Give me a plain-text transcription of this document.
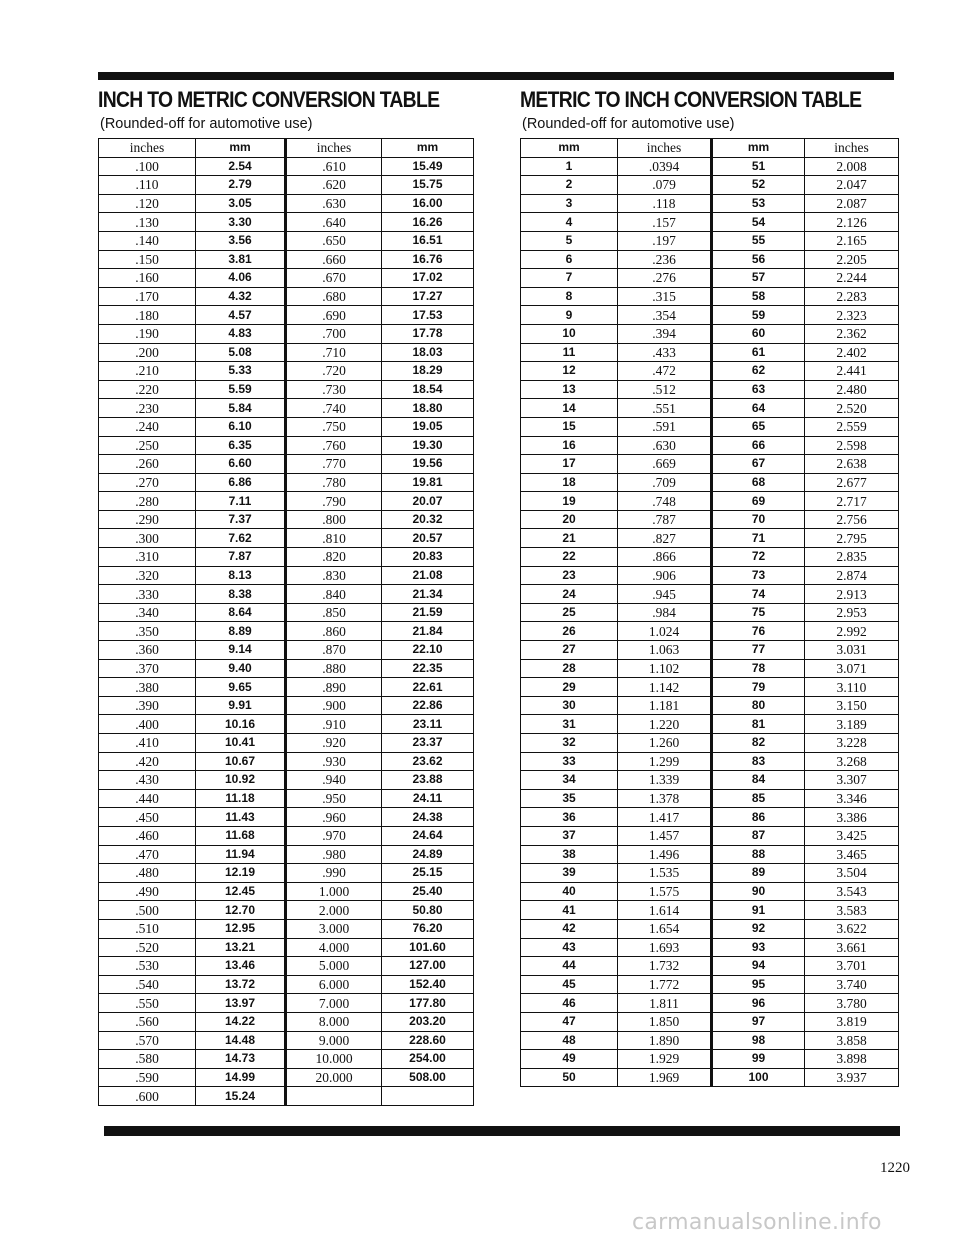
INCH TO METRIC CONVERSION TABLE

(Rounded-off for automotive use)

inches	mm	inches	mm
.100	2.54	.610	15.49
.110	2.79	.620	15.75
.120	3.05	.630	16.00
.130	3.30	.640	16.26
.140	3.56	.650	16.51
.150	3.81	.660	16.76
.160	4.06	.670	17.02
.170	4.32	.680	17.27
.180	4.57	.690	17.53
.190	4.83	.700	17.78
.200	5.08	.710	18.03
.210	5.33	.720	18.29
.220	5.59	.730	18.54
.230	5.84	.740	18.80
.240	6.10	.750	19.05
.250	6.35	.760	19.30
.260	6.60	.770	19.56
.270	6.86	.780	19.81
.280	7.11	.790	20.07
.290	7.37	.800	20.32
.300	7.62	.810	20.57
.310	7.87	.820	20.83
.320	8.13	.830	21.08
.330	8.38	.840	21.34
.340	8.64	.850	21.59
.350	8.89	.860	21.84
.360	9.14	.870	22.10
.370	9.40	.880	22.35
.380	9.65	.890	22.61
.390	9.91	.900	22.86
.400	10.16	.910	23.11
.410	10.41	.920	23.37
.420	10.67	.930	23.62
.430	10.92	.940	23.88
.440	11.18	.950	24.11
.450	11.43	.960	24.38
.460	11.68	.970	24.64
.470	11.94	.980	24.89
.480	12.19	.990	25.15
.490	12.45	1.000	25.40
.500	12.70	2.000	50.80
.510	12.95	3.000	76.20
.520	13.21	4.000	101.60
.530	13.46	5.000	127.00
.540	13.72	6.000	152.40
.550	13.97	7.000	177.80
.560	14.22	8.000	203.20
.570	14.48	9.000	228.60
.580	14.73	10.000	254.00
.590	14.99	20.000	508.00
.600	15.24		
METRIC TO INCH CONVERSION TABLE

(Rounded-off for automotive use)

mm	inches	mm	inches
1	.0394	51	2.008
2	.079	52	2.047
3	.118	53	2.087
4	.157	54	2.126
5	.197	55	2.165
6	.236	56	2.205
7	.276	57	2.244
8	.315	58	2.283
9	.354	59	2.323
10	.394	60	2.362
11	.433	61	2.402
12	.472	62	2.441
13	.512	63	2.480
14	.551	64	2.520
15	.591	65	2.559
16	.630	66	2.598
17	.669	67	2.638
18	.709	68	2.677
19	.748	69	2.717
20	.787	70	2.756
21	.827	71	2.795
22	.866	72	2.835
23	.906	73	2.874
24	.945	74	2.913
25	.984	75	2.953
26	1.024	76	2.992
27	1.063	77	3.031
28	1.102	78	3.071
29	1.142	79	3.110
30	1.181	80	3.150
31	1.220	81	3.189
32	1.260	82	3.228
33	1.299	83	3.268
34	1.339	84	3.307
35	1.378	85	3.346
36	1.417	86	3.386
37	1.457	87	3.425
38	1.496	88	3.465
39	1.535	89	3.504
40	1.575	90	3.543
41	1.614	91	3.583
42	1.654	92	3.622
43	1.693	93	3.661
44	1.732	94	3.701
45	1.772	95	3.740
46	1.811	96	3.780
47	1.850	97	3.819
48	1.890	98	3.858
49	1.929	99	3.898
50	1.969	100	3.937
1220
carmanualsonline.info
